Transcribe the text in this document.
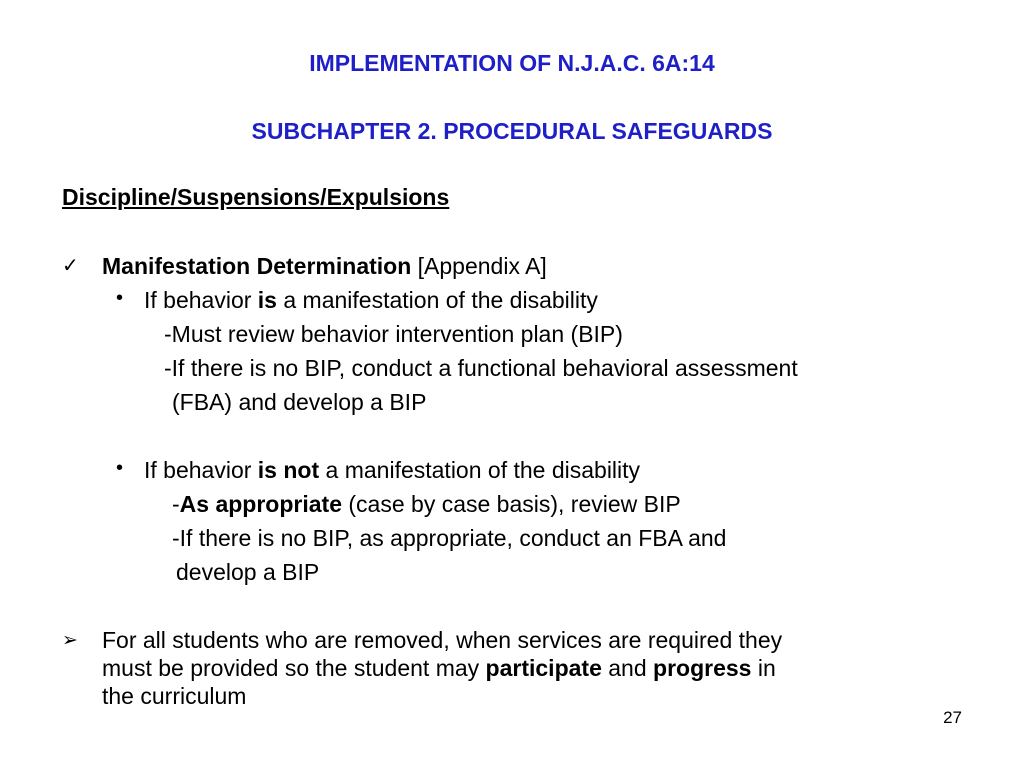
IMPLEMENTATION OF N.J.A.C. 6A:14
SUBCHAPTER 2. PROCEDURAL SAFEGUARDS
Discipline/Suspensions/Expulsions
✓ Manifestation Determination [Appendix A]
• If behavior is a manifestation of the disability
-Must review behavior intervention plan (BIP)
-If there is no BIP, conduct a functional behavioral assessment
(FBA) and develop a BIP
• If behavior is not a manifestation of the disability
-As appropriate (case by case basis), review BIP
-If there is no BIP, as appropriate, conduct an FBA and
develop a BIP
➢ For all students who are removed, when services are required they
must be provided so the student may participate and progress in
the curriculum
27
